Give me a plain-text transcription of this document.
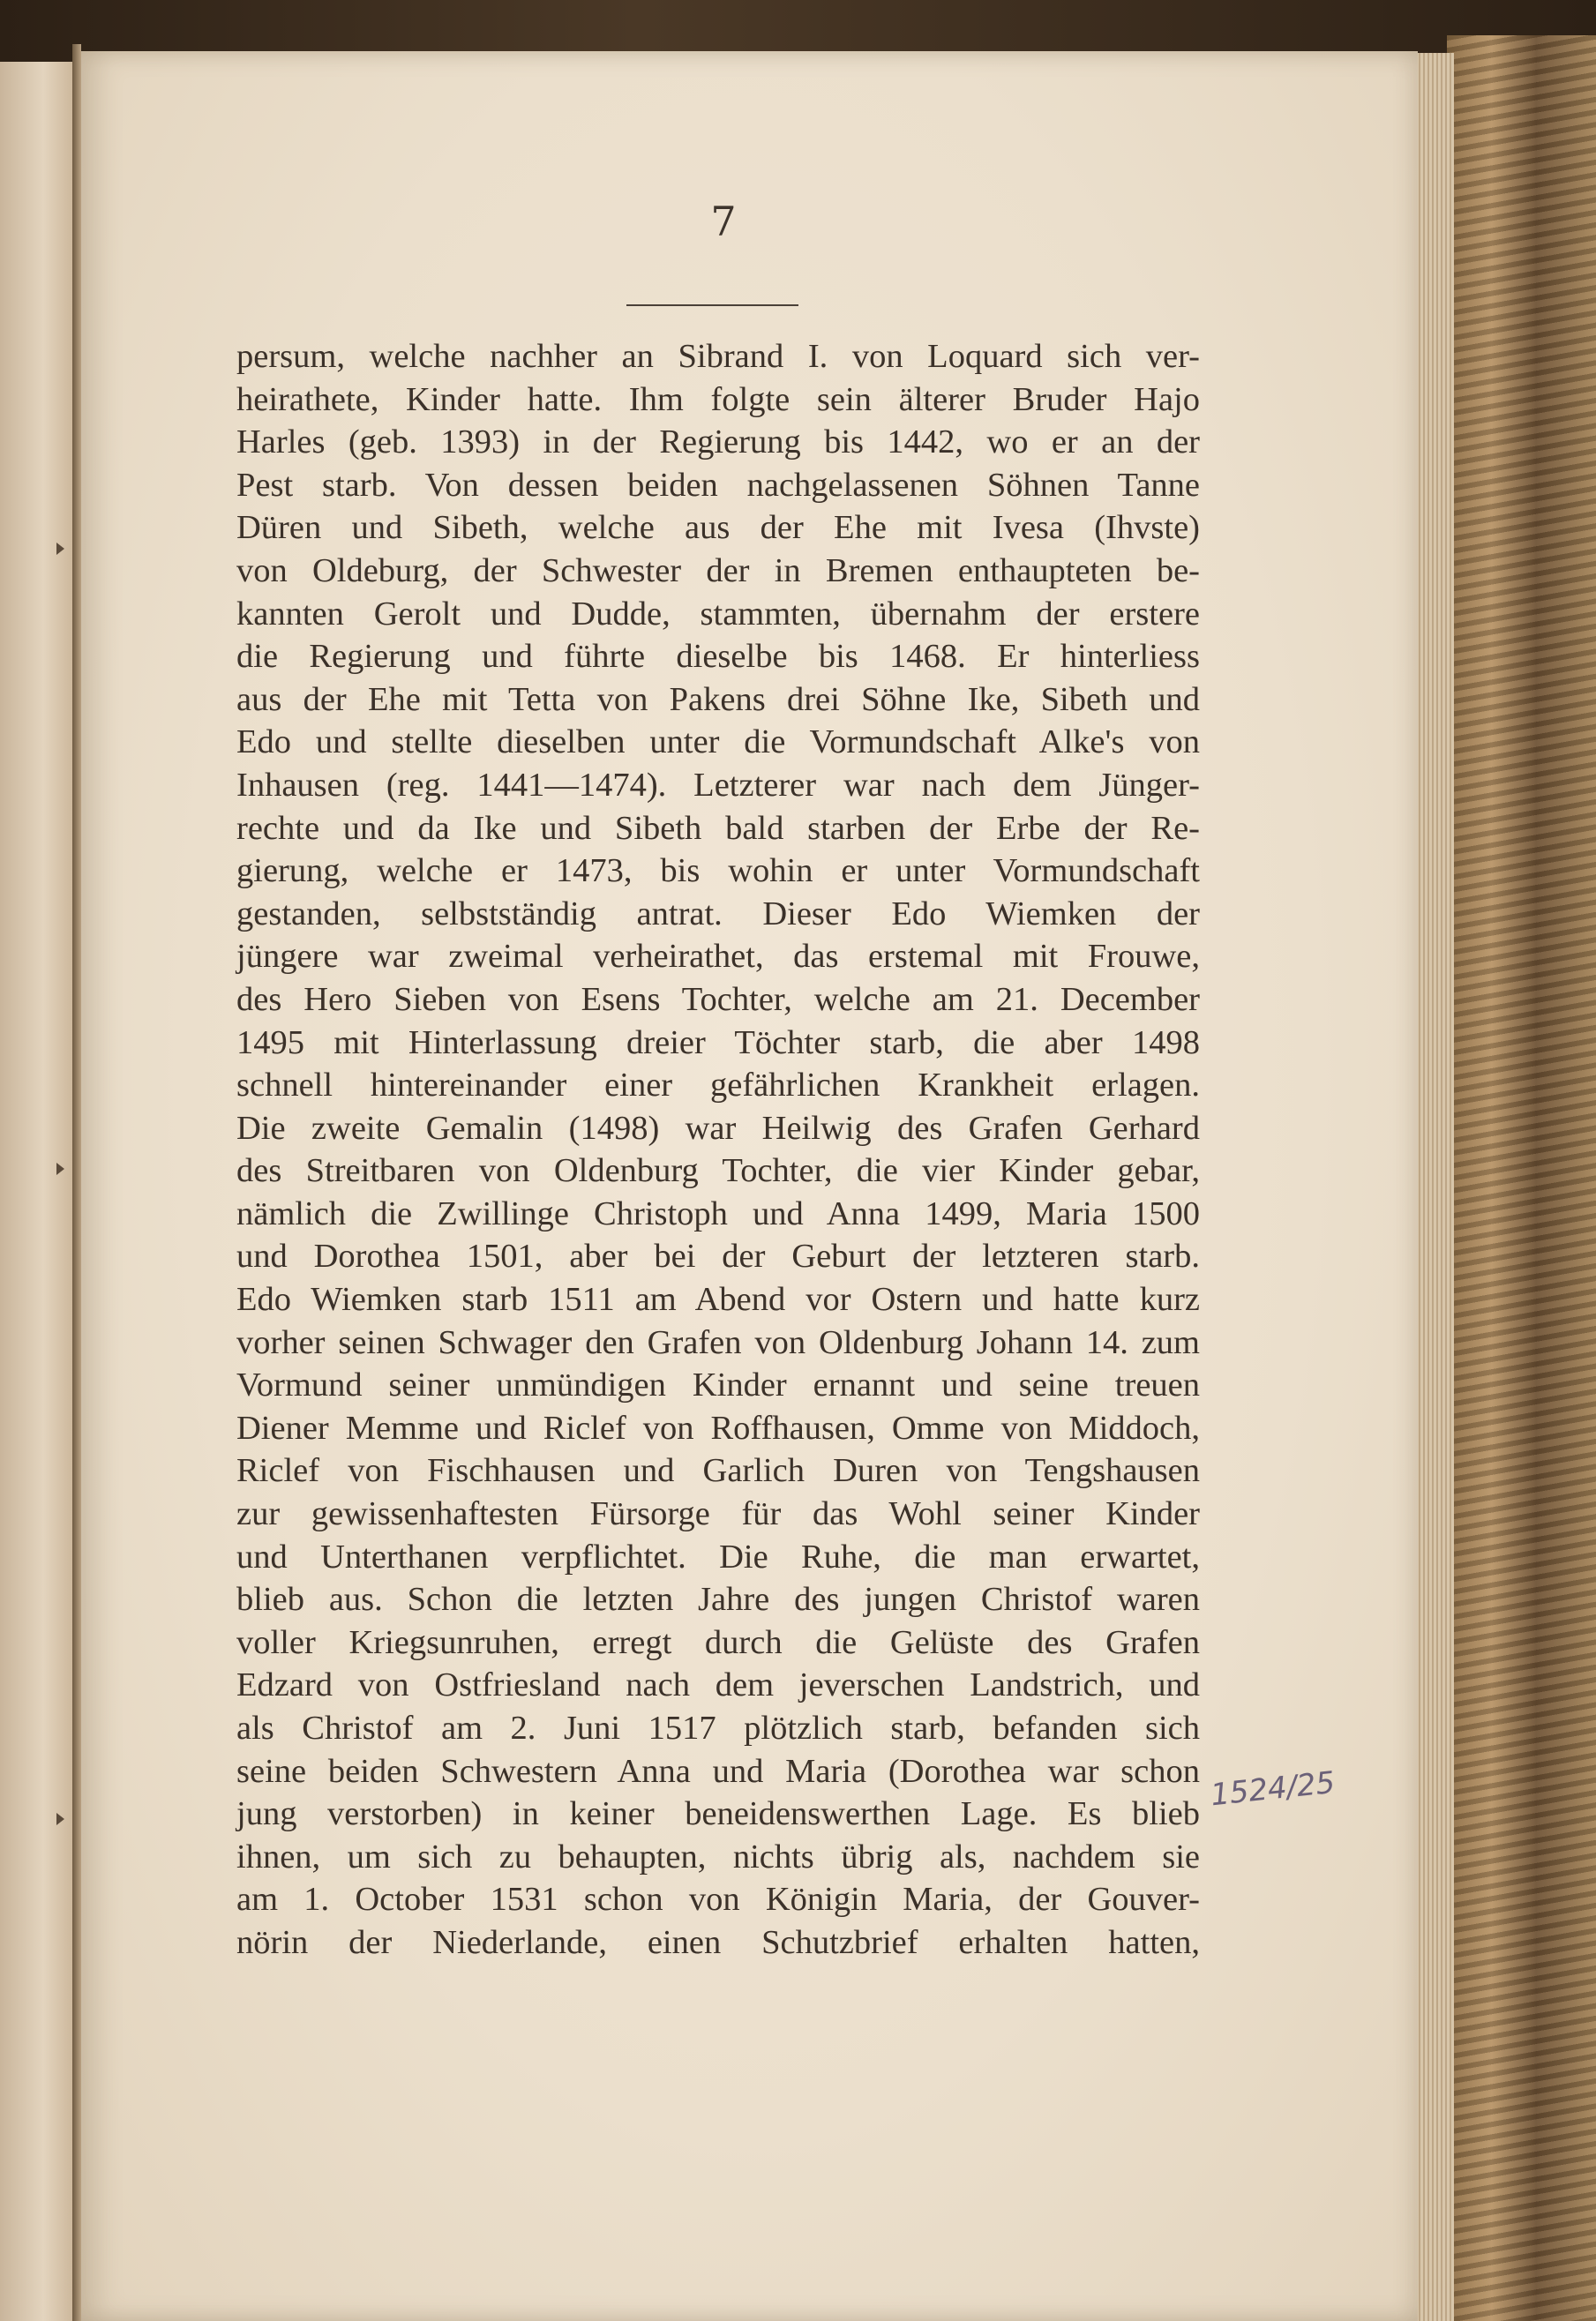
7
persum, welche nachher an Sibrand I. von Loquard sich ver-
heirathete, Kinder hatte. Ihm folgte sein älterer Bruder Hajo
Harles (geb. 1393) in der Regierung bis 1442, wo er an der
Pest starb. Von dessen beiden nachgelassenen Söhnen Tanne
Düren und Sibeth, welche aus der Ehe mit Ivesa (Ihvste)
von Oldeburg, der Schwester der in Bremen enthaupteten be-
kannten Gerolt und Dudde, stammten, übernahm der erstere
die Regierung und führte dieselbe bis 1468. Er hinterliess
aus der Ehe mit Tetta von Pakens drei Söhne Ike, Sibeth und
Edo und stellte dieselben unter die Vormundschaft Alke's von
Inhausen (reg. 1441—1474). Letzterer war nach dem Jünger-
rechte und da Ike und Sibeth bald starben der Erbe der Re-
gierung, welche er 1473, bis wohin er unter Vormundschaft
gestanden, selbstständig antrat. Dieser Edo Wiemken der
jüngere war zweimal verheirathet, das erstemal mit Frouwe,
des Hero Sieben von Esens Tochter, welche am 21. December
1495 mit Hinterlassung dreier Töchter starb, die aber 1498
schnell hintereinander einer gefährlichen Krankheit erlagen.
Die zweite Gemalin (1498) war Heilwig des Grafen Gerhard
des Streitbaren von Oldenburg Tochter, die vier Kinder gebar,
nämlich die Zwillinge Christoph und Anna 1499, Maria 1500
und Dorothea 1501, aber bei der Geburt der letzteren starb.
Edo Wiemken starb 1511 am Abend vor Ostern und hatte kurz
vorher seinen Schwager den Grafen von Oldenburg Johann 14. zum
Vormund seiner unmündigen Kinder ernannt und seine treuen
Diener Memme und Riclef von Roffhausen, Omme von Middoch,
Riclef von Fischhausen und Garlich Duren von Tengshausen
zur gewissenhaftesten Fürsorge für das Wohl seiner Kinder
und Unterthanen verpflichtet. Die Ruhe, die man erwartet,
blieb aus. Schon die letzten Jahre des jungen Christof waren
voller Kriegsunruhen, erregt durch die Gelüste des Grafen
Edzard von Ostfriesland nach dem jeverschen Landstrich, und
als Christof am 2. Juni 1517 plötzlich starb, befanden sich
seine beiden Schwestern Anna und Maria (Dorothea war schon
jung verstorben) in keiner beneidenswerthen Lage. Es blieb
ihnen, um sich zu behaupten, nichts übrig als, nachdem sie
am 1. October 1531 schon von Königin Maria, der Gouver-
nörin der Niederlande, einen Schutzbrief erhalten hatten,
1524/25
